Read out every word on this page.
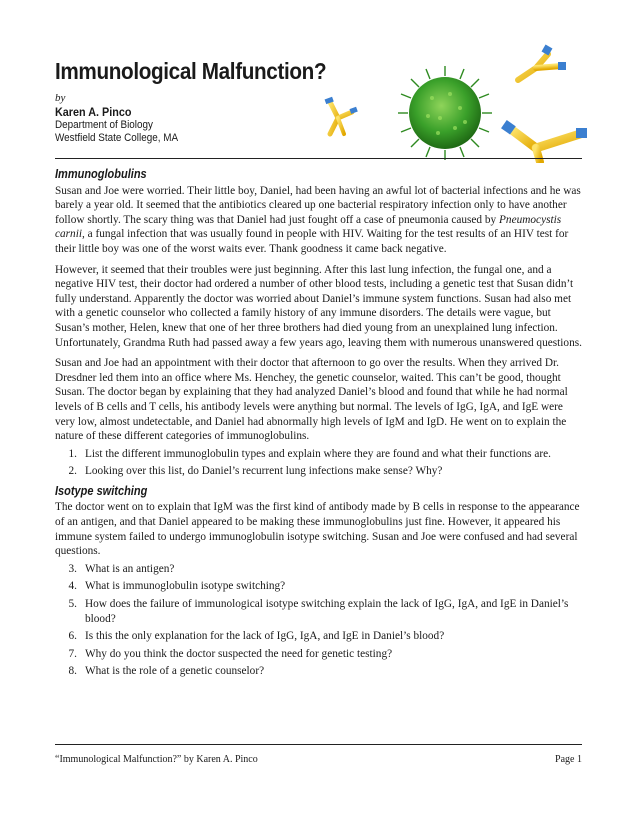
Immunological Malfunction?
by
Karen A. Pinco
Department of Biology
Westfield State College, MA
Immunoglobulins

Susan and Joe were worried. Their little boy, Daniel, had been having an awful lot of bacterial infections and he was barely a year old. It seemed that the antibiotics cleared up one bacterial respiratory infection only to have another follow shortly. The scary thing was that Daniel had just fought off a case of pneumonia caused by Pneumocystis carnii, a fungal infection that was usually found in people with HIV. Waiting for the test results of an HIV test for their little boy was one of the worst waits ever. Thank goodness it came back negative.

However, it seemed that their troubles were just beginning. After this last lung infection, the fungal one, and a negative HIV test, their doctor had ordered a number of other blood tests, including a genetic test that Susan didn’t fully understand. Apparently the doctor was worried about Daniel’s immune system functions. Susan had also met with a genetic counselor who collected a family history of any immune disorders. The details were vague, but Susan’s mother, Helen, knew that one of her three brothers had died young from an unexplained lung infection. Unfortunately, Grandma Ruth had passed away a few years ago, leaving them with numerous unanswered questions.

Susan and Joe had an appointment with their doctor that afternoon to go over the results. When they arrived Dr. Dresdner led them into an office where Ms. Henchey, the genetic counselor, waited. This can’t be good, thought Susan. The doctor began by explaining that they had analyzed Daniel’s blood and found that while he had normal levels of B cells and T cells, his antibody levels were anything but normal. The levels of IgG, IgA, and IgE were very low, almost undetectable, and Daniel had abnormally high levels of IgM and IgD. He went on to explain the nature of these different categories of immunoglobulins.

1. List the different immunoglobulin types and explain where they are found and what their functions are.
2. Looking over this list, do Daniel’s recurrent lung infections make sense? Why?
Isotype switching

The doctor went on to explain that IgM was the first kind of antibody made by B cells in response to the appearance of an antigen, and that Daniel appeared to be making these immunoglobulins just fine. However, it appeared his immune system failed to undergo immunoglobulin isotype switching. Susan and Joe were confused and had several questions.

3. What is an antigen?
4. What is immunoglobulin isotype switching?
5. How does the failure of immunological isotype switching explain the lack of IgG, IgA, and IgE in Daniel’s blood?
6. Is this the only explanation for the lack of IgG, IgA, and IgE in Daniel’s blood?
7. Why do you think the doctor suspected the need for genetic testing?
8. What is the role of a genetic counselor?
“Immunological Malfunction?” by Karen A. Pinco	Page 1
